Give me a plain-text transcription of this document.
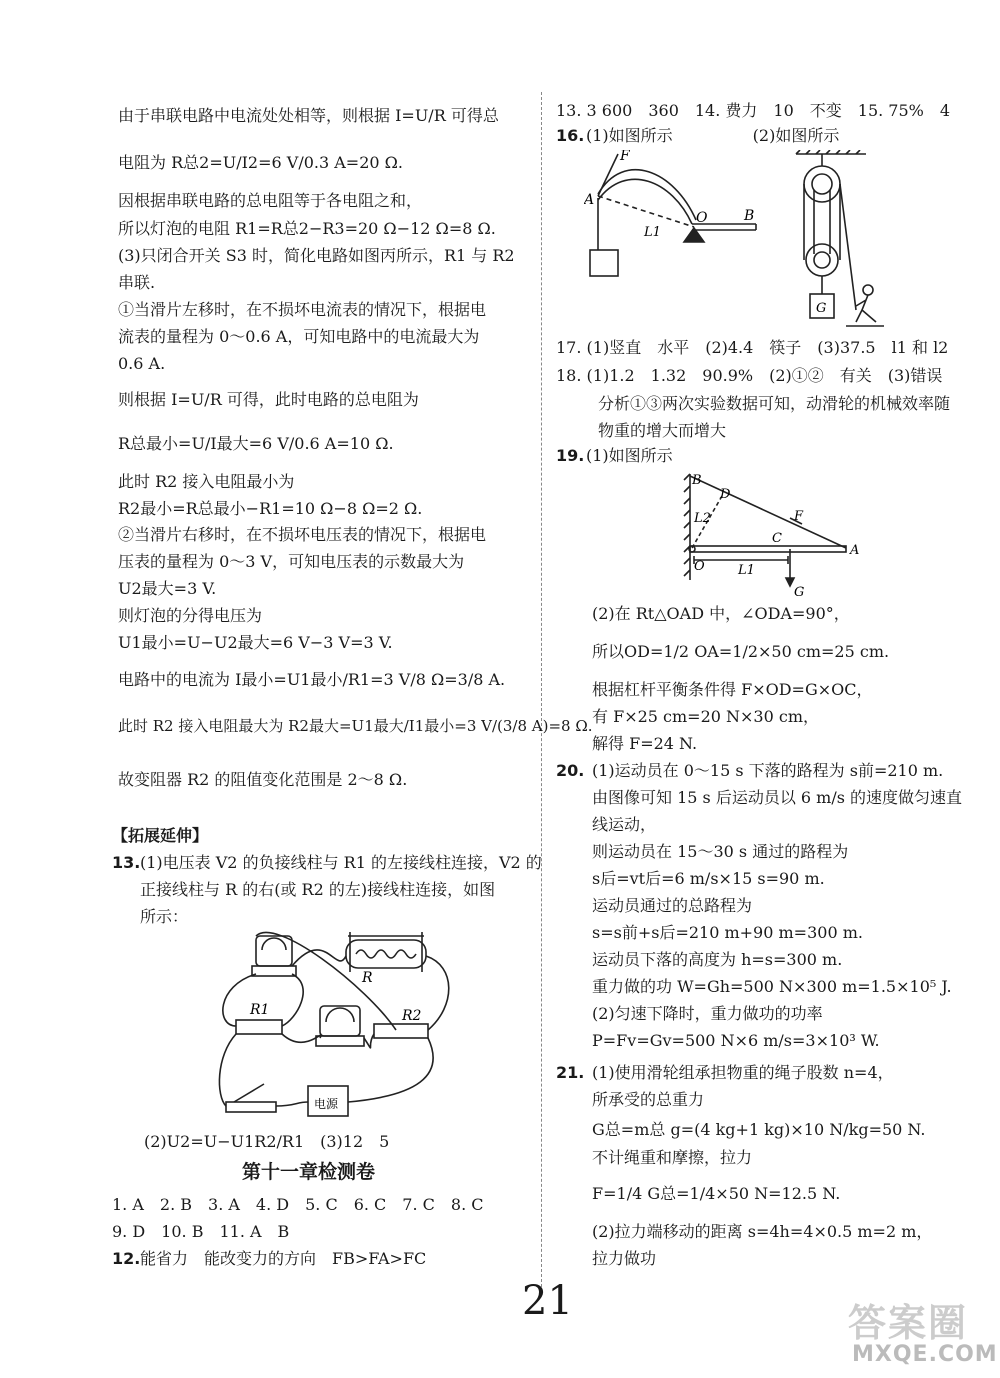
由于串联电路中电流处处相等，则根据 I=U/R 可得总
电阻为 R总2=U/I2=6 V/0.3 A=20 Ω.
因根据串联电路的总电阻等于各电阻之和，
所以灯泡的电阻 R1=R总2−R3=20 Ω−12 Ω=8 Ω.
(3)只闭合开关 S3 时，简化电路如图丙所示，R1 与 R2
串联.
①当滑片左移时，在不损坏电流表的情况下，根据电
流表的量程为 0～0.6 A，可知电路中的电流最大为
0.6 A.
则根据 I=U/R 可得，此时电路的总电阻为
R总最小=U/I最大=6 V/0.6 A=10 Ω.
此时 R2 接入电阻最小为
R2最小=R总最小−R1=10 Ω−8 Ω=2 Ω.
②当滑片右移时，在不损坏电压表的情况下，根据电
压表的量程为 0～3 V，可知电压表的示数最大为
U2最大=3 V.
则灯泡的分得电压为
U1最小=U−U2最大=6 V−3 V=3 V.
电路中的电流为 I最小=U1最小/R1=3 V/8 Ω=3/8 A.
此时 R2 接入电阻最大为 R2最大=U1最大/I1最小=3 V/(3/8 A)=8 Ω.
故变阻器 R2 的阻值变化范围是 2～8 Ω.
【拓展延伸】
13. (1)电压表 V2 的负接线柱与 R1 的左接线柱连接，V2 的
正接线柱与 R 的右(或 R2 的左)接线柱连接，如图
所示：
R
R1	R2
电源
(2)U2=U−U1R2/R1　(3)12　5
第十一章检测卷
1. A　2. B　3. A　4. D　5. C　6. C　7. C　8. C
9. D　10. B　11. A　B
12. 能省力　能改变力的方向　FB>FA>FC
13. 3 600　360　14. 费力　10　不变　15. 75%　4
16. (1)如图所示　　　　　(2)如图所示
F
A
O	B
L1
G
17. (1)竖直　水平　(2)4.4　筷子　(3)37.5　l1 和 l2
18. (1)1.2　1.32　90.9%　(2)①②　有关　(3)错误
分析①③两次实验数据可知，动滑轮的机械效率随
物重的增大而增大
19. (1)如图所示
B
D
L2	F
C
A
O	L1
G
(2)在 Rt△OAD 中，∠ODA=90°，
所以OD=1/2 OA=1/2×50 cm=25 cm.
根据杠杆平衡条件得 F×OD=G×OC，
有 F×25 cm=20 N×30 cm，
解得 F=24 N.
20. (1)运动员在 0～15 s 下落的路程为 s前=210 m.
由图像可知 15 s 后运动员以 6 m/s 的速度做匀速直
线运动，
则运动员在 15～30 s 通过的路程为
s后=vt后=6 m/s×15 s=90 m.
运动员通过的总路程为
s=s前+s后=210 m+90 m=300 m.
运动员下落的高度为 h=s=300 m.
重力做的功 W=Gh=500 N×300 m=1.5×10⁵ J.
(2)匀速下降时，重力做功的功率
P=Fv=Gv=500 N×6 m/s=3×10³ W.
21. (1)使用滑轮组承担物重的绳子股数 n=4，
所承受的总重力
G总=m总 g=(4 kg+1 kg)×10 N/kg=50 N.
不计绳重和摩擦，拉力
F=1/4 G总=1/4×50 N=12.5 N.
(2)拉力端移动的距离 s=4h=4×0.5 m=2 m，
拉力做功
21	答案圈
MXQE.COM
